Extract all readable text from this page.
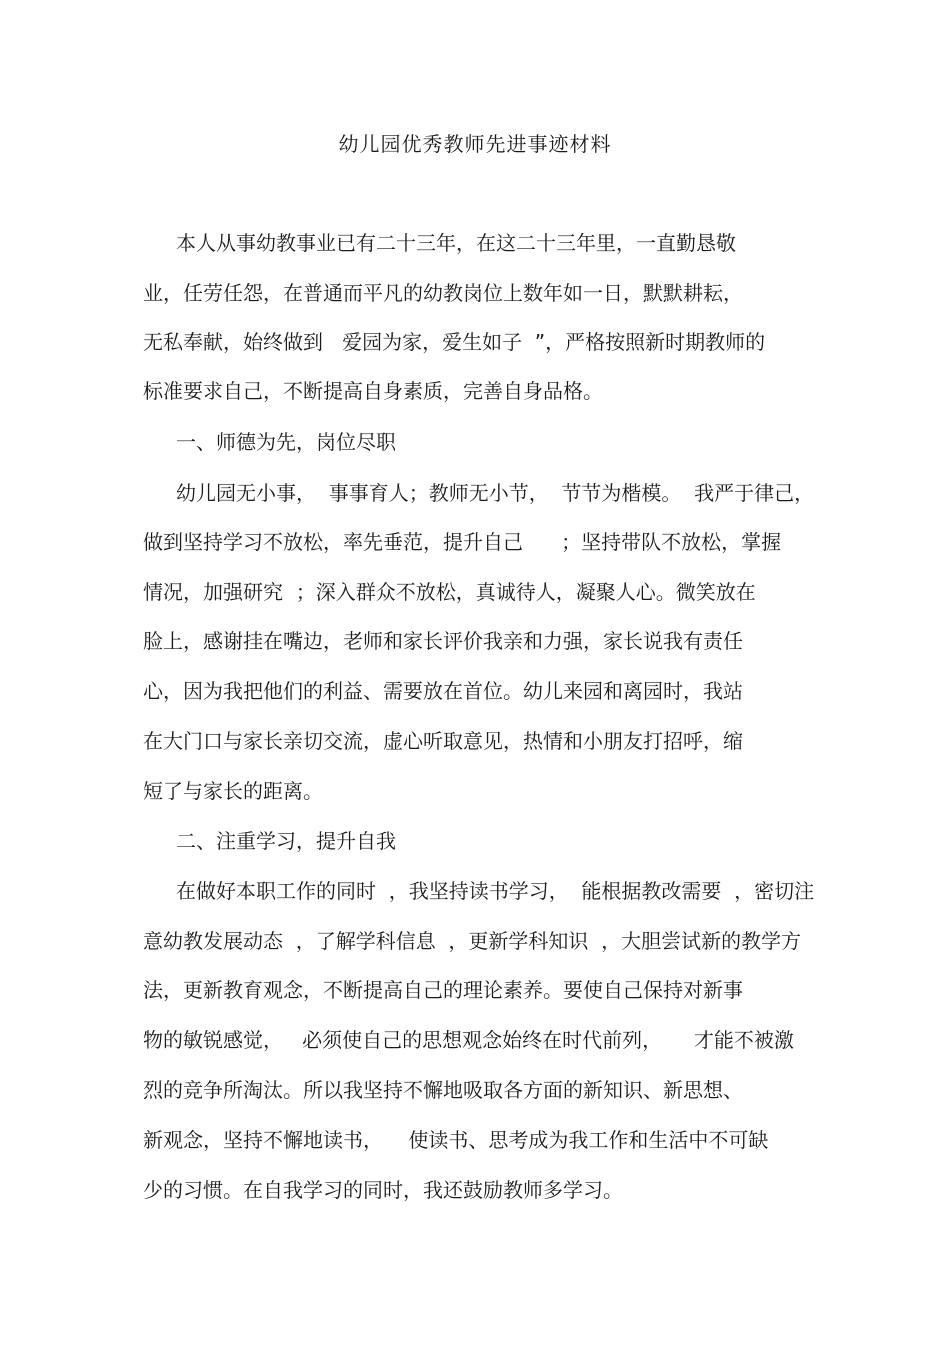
幼儿园优秀教师先进事迹材料
本人从事幼教事业已有二十三年，在这二十三年里，一直勤恳敬
业，任劳任怨，在普通而平凡的幼教岗位上数年如一日，默默耕耘，
无私奉献，始终做到   爱园为家，爱生如子  ”，严格按照新时期教师的
标准要求自己，不断提高自身素质，完善自身品格。
一、师德为先，岗位尽职
幼儿园无小事，  事事育人；教师无小节，  节节为楷模。  我严于律己，
做到坚持学习不放松，率先垂范，提升自己      ；坚持带队不放松，掌握
情况，加强研究  ；深入群众不放松，真诚待人，凝聚人心。微笑放在
脸上，感谢挂在嘴边，老师和家长评价我亲和力强，家长说我有责任
心，因为我把他们的利益、需要放在首位。幼儿来园和离园时，我站
在大门口与家长亲切交流，虚心听取意见，热情和小朋友打招呼，缩
短了与家长的距离。
二、注重学习，提升自我
在做好本职工作的同时  ，我坚持读书学习，  能根据教改需要  ，密切注
意幼教发展动态  ，了解学科信息  ，更新学科知识  ，大胆尝试新的教学方
法，更新教育观念，不断提高自己的理论素养。要使自己保持对新事
物的敏锐感觉，   必须使自己的思想观念始终在时代前列，     才能不被激
烈的竞争所淘汰。所以我坚持不懈地吸取各方面的新知识、新思想、
新观念，坚持不懈地读书，    使读书、思考成为我工作和生活中不可缺
少的习惯。在自我学习的同时，我还鼓励教师多学习。
